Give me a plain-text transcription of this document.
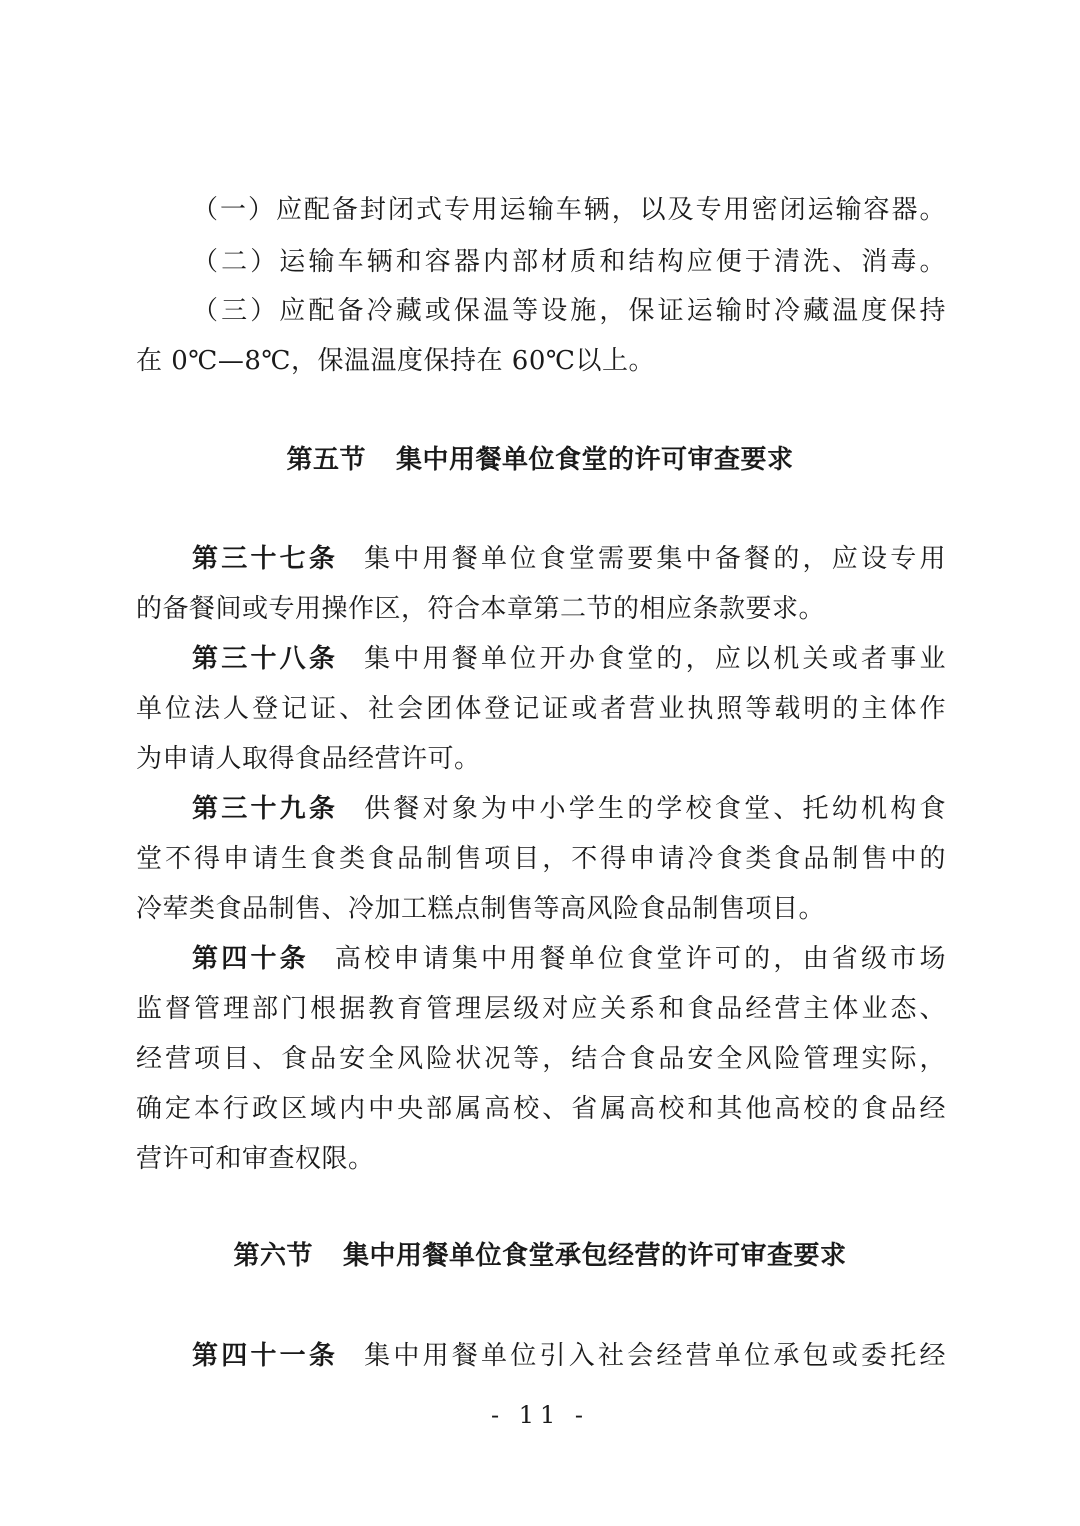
（一）应配备封闭式专用运输车辆，以及专用密闭运输容器。
（二）运输车辆和容器内部材质和结构应便于清洗、消毒。
（三）应配备冷藏或保温等设施，保证运输时冷藏温度保持
在 0℃—8℃，保温温度保持在 60℃以上。
第五节 集中用餐单位食堂的许可审查要求
第三十七条 集中用餐单位食堂需要集中备餐的，应设专用
的备餐间或专用操作区，符合本章第二节的相应条款要求。
第三十八条 集中用餐单位开办食堂的，应以机关或者事业
单位法人登记证、社会团体登记证或者营业执照等载明的主体作
为申请人取得食品经营许可。
第三十九条 供餐对象为中小学生的学校食堂、托幼机构食
堂不得申请生食类食品制售项目，不得申请冷食类食品制售中的
冷荤类食品制售、冷加工糕点制售等高风险食品制售项目。
第四十条 高校申请集中用餐单位食堂许可的，由省级市场
监督管理部门根据教育管理层级对应关系和食品经营主体业态、
经营项目、食品安全风险状况等，结合食品安全风险管理实际，
确定本行政区域内中央部属高校、省属高校和其他高校的食品经
营许可和审查权限。
第六节 集中用餐单位食堂承包经营的许可审查要求
第四十一条 集中用餐单位引入社会经营单位承包或委托经
- 11 -
